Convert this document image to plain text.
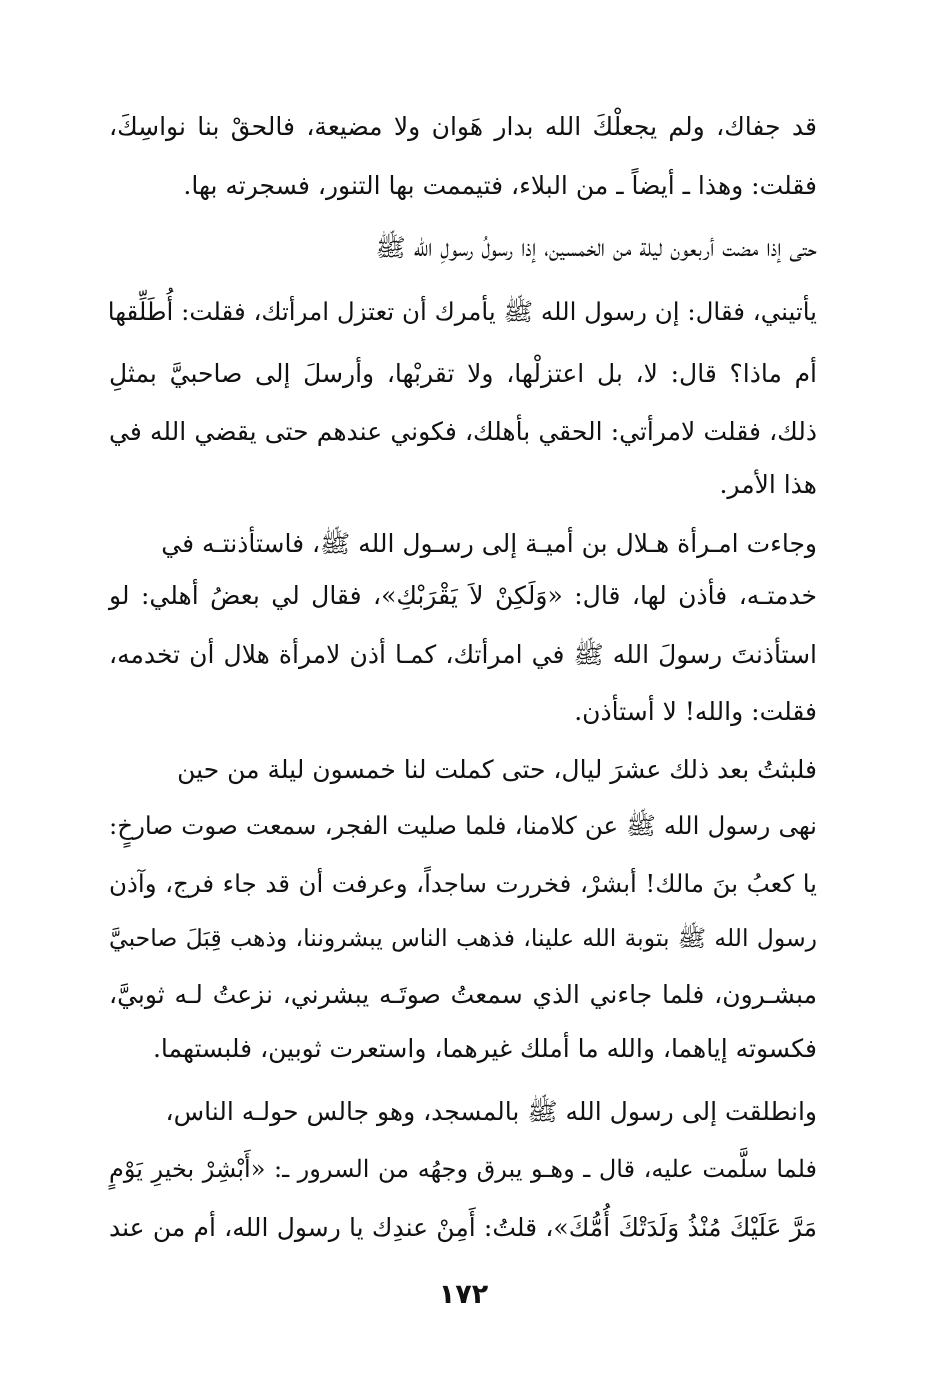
قد جفاك، ولم يجعلْكَ الله بدار هَوان ولا مضيعة، فالحقْ بنا نواسِكَ،
فقلت: وهذا ـ أيضاً ـ من البلاء، فتيممت بها التنور، فسجرته بها.
حتى إذا مضت أربعون ليلة من الخمسين، إذا رسولُ رسولِ الله ﷺ
يأتيني، فقال: إن رسول الله ﷺ يأمرك أن تعتزل امرأتك، فقلت: أُطَلِّقها
أم ماذا؟ قال: لا، بل اعتزلْها، ولا تقربْها، وأرسلَ إلى صاحبيَّ بمثلِ
ذلك، فقلت لامرأتي: الحقي بأهلك، فكوني عندهم حتى يقضي الله في
هذا الأمر.
وجاءت امـرأة هـلال بن أميـة إلى رسـول الله ﷺ، فاستأذنتـه في
خدمتـه، فأذن لها، قال: «وَلَكِنْ لاَ يَقْرَبْكِ»، فقال لي بعضُ أهلي: لو
استأذنتَ رسولَ الله ﷺ في امرأتك، كمـا أذن لامرأة هلال أن تخدمه،
فقلت: والله! لا أستأذن.
فلبثتُ بعد ذلك عشرَ ليال، حتى كملت لنا خمسون ليلة من حين
نهى رسول الله ﷺ عن كلامنا، فلما صليت الفجر، سمعت صوت صارخٍ:
يا كعبُ بنَ مالك! أبشرْ، فخررت ساجداً، وعرفت أن قد جاء فرج، وآذن
رسول الله ﷺ بتوبة الله علينا، فذهب الناس يبشروننا، وذهب قِبَلَ صاحبيَّ
مبشـرون، فلما جاءني الذي سمعتُ صوتَـه يبشرني، نزعتُ لـه ثوبيَّ،
فكسوته إياهما، والله ما أملك غيرهما، واستعرت ثوبين، فلبستهما.
وانطلقت إلى رسول الله ﷺ بالمسجد، وهو جالس حولـه الناس،
فلما سلَّمت عليه، قال ـ وهـو يبرق وجهُه من السرور ـ: «أَبْشِرْ بخيرِ يَوْمٍ
مَرَّ عَلَيْكَ مُنْذُ وَلَدَتْكَ أُمُّكَ»، قلتُ: أَمِنْ عندِك يا رسول الله، أم من عند
١٧٢
